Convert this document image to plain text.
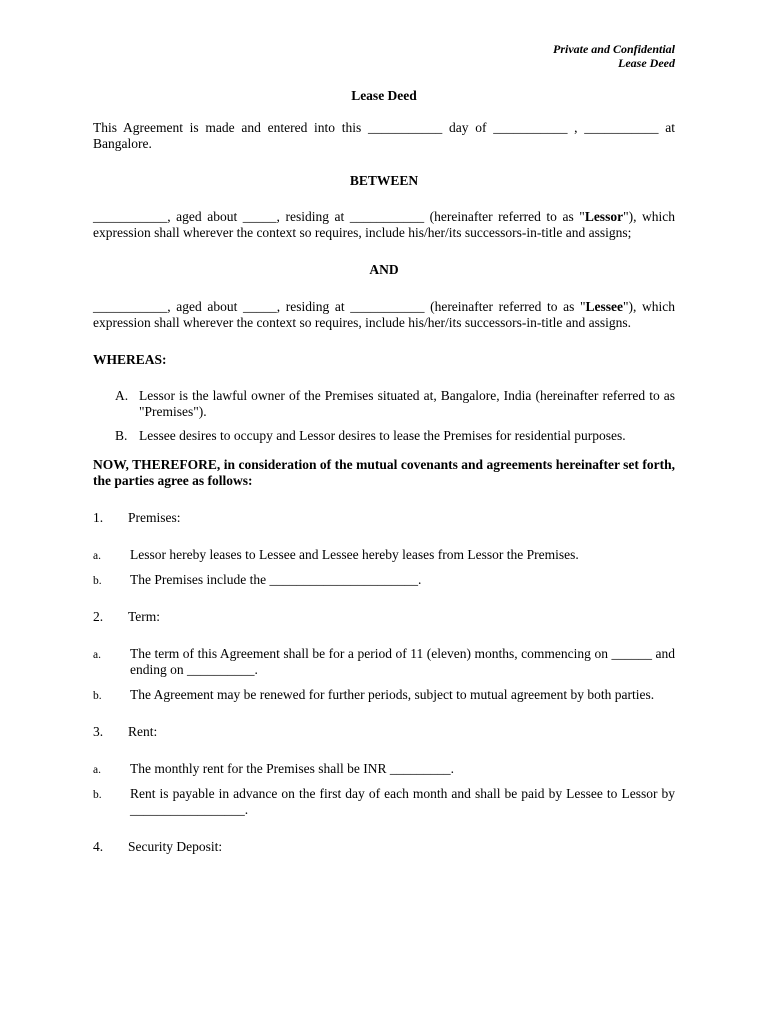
Private and Confidential
Lease Deed
Lease Deed

This Agreement is made and entered into this ___________ day of ___________ , ___________ at Bangalore.

BETWEEN

___________, aged about _____, residing at ___________ (hereinafter referred to as "Lessor"), which expression shall wherever the context so requires, include his/her/its successors-in-title and assigns;

AND

___________, aged about _____, residing at ___________ (hereinafter referred to as "Lessee"), which expression shall wherever the context so requires, include his/her/its successors-in-title and assigns.

WHEREAS:
A. Lessor is the lawful owner of the Premises situated at, Bangalore, India (hereinafter referred to as "Premises").
B. Lessee desires to occupy and Lessor desires to lease the Premises for residential purposes.

NOW, THEREFORE, in consideration of the mutual covenants and agreements hereinafter set forth, the parties agree as follows:

1. Premises:
a. Lessor hereby leases to Lessee and Lessee hereby leases from Lessor the Premises.
b. The Premises include the ______________________.
2. Term:
a. The term of this Agreement shall be for a period of 11 (eleven) months, commencing on ______ and ending on __________.
b. The Agreement may be renewed for further periods, subject to mutual agreement by both parties.
3. Rent:
a. The monthly rent for the Premises shall be INR _________.
b. Rent is payable in advance on the first day of each month and shall be paid by Lessee to Lessor by _________________.
4. Security Deposit:
